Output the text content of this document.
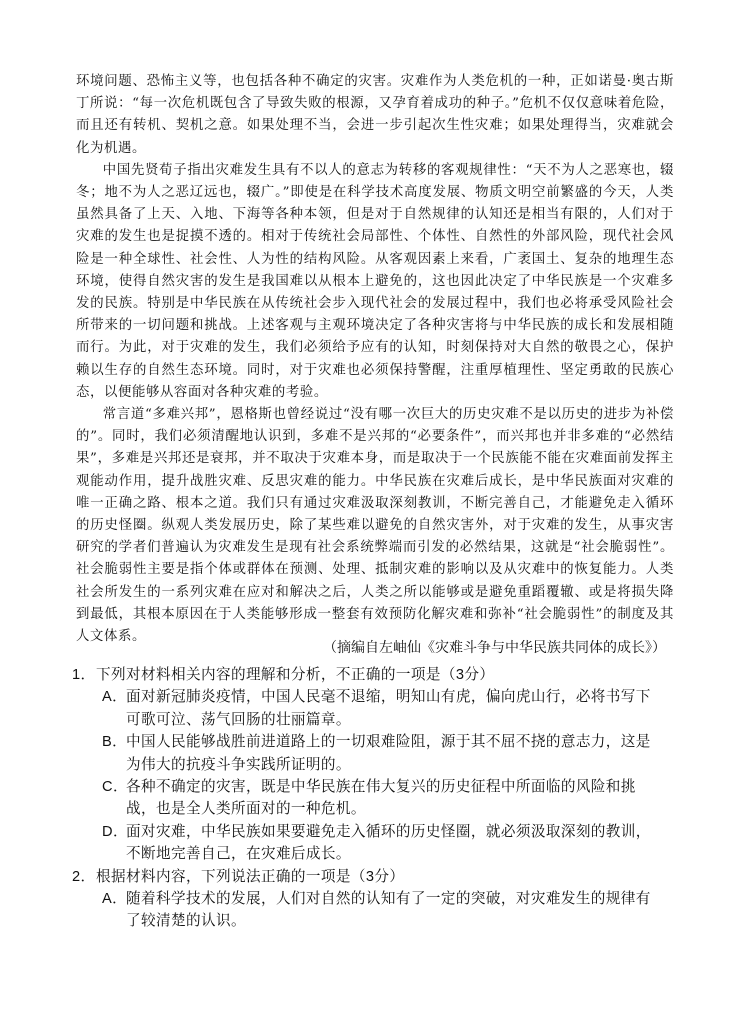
环境问题、恐怖主义等，也包括各种不确定的灾害。灾难作为人类危机的一种，正如诺曼·奥古斯丁所说：“每一次危机既包含了导致失败的根源，又孕育着成功的种子。”危机不仅仅意味着危险，而且还有转机、契机之意。如果处理不当，会进一步引起次生性灾难；如果处理得当，灾难就会化为机遇。

中国先贤荀子指出灾难发生具有不以人的意志为转移的客观规律性：“天不为人之恶寒也，辍冬；地不为人之恶辽远也，辍广。”即使是在科学技术高度发展、物质文明空前繁盛的今天，人类虽然具备了上天、入地、下海等各种本领，但是对于自然规律的认知还是相当有限的，人们对于灾难的发生也是捉摸不透的。相对于传统社会局部性、个体性、自然性的外部风险，现代社会风险是一种全球性、社会性、人为性的结构风险。从客观因素上来看，广袤国土、复杂的地理生态环境，使得自然灾害的发生是我国难以从根本上避免的，这也因此决定了中华民族是一个灾难多发的民族。特别是中华民族在从传统社会步入现代社会的发展过程中，我们也必将承受风险社会所带来的一切问题和挑战。上述客观与主观环境决定了各种灾害将与中华民族的成长和发展相随而行。为此，对于灾难的发生，我们必须给予应有的认知，时刻保持对大自然的敬畏之心，保护赖以生存的自然生态环境。同时，对于灾难也必须保持警醒，注重厚植理性、坚定勇敢的民族心态，以便能够从容面对各种灾难的考验。

常言道“多难兴邦”，恩格斯也曾经说过“没有哪一次巨大的历史灾难不是以历史的进步为补偿的”。同时，我们必须清醒地认识到，多难不是兴邦的“必要条件”，而兴邦也并非多难的“必然结果”，多难是兴邦还是衰邦，并不取决于灾难本身，而是取决于一个民族能不能在灾难面前发挥主观能动作用，提升战胜灾难、反思灾难的能力。中华民族在灾难后成长，是中华民族面对灾难的唯一正确之路、根本之道。我们只有通过灾难汲取深刻教训，不断完善自己，才能避免走入循环的历史怪圈。纵观人类发展历史，除了某些难以避免的自然灾害外，对于灾难的发生，从事灾害研究的学者们普遍认为灾难发生是现有社会系统弊端而引发的必然结果，这就是“社会脆弱性”。社会脆弱性主要是指个体或群体在预测、处理、抵制灾难的影响以及从灾难中的恢复能力。人类社会所发生的一系列灾难在应对和解决之后，人类之所以能够或是避免重蹈覆辙、或是将损失降到最低，其根本原因在于人类能够形成一整套有效预防化解灾难和弥补“社会脆弱性”的制度及其人文体系。

（摘编自左岫仙《灾难斗争与中华民族共同体的成长》）

1．下列对材料相关内容的理解和分析，不正确的一项是（3分）

A．
面对新冠肺炎疫情，中国人民毫不退缩，明知山有虎，偏向虎山行，必将书写下可歌可泣、荡气回肠的壮丽篇章。

B．
中国人民能够战胜前进道路上的一切艰难险阻，源于其不屈不挠的意志力，这是为伟大的抗疫斗争实践所证明的。

C．
各种不确定的灾害，既是中华民族在伟大复兴的历史征程中所面临的风险和挑战，也是全人类所面对的一种危机。

D．
面对灾难，中华民族如果要避免走入循环的历史怪圈，就必须汲取深刻的教训，不断地完善自己，在灾难后成长。

2．根据材料内容，下列说法正确的一项是（3分）

A．
随着科学技术的发展，人们对自然的认知有了一定的突破，对灾难发生的规律有了较清楚的认识。
